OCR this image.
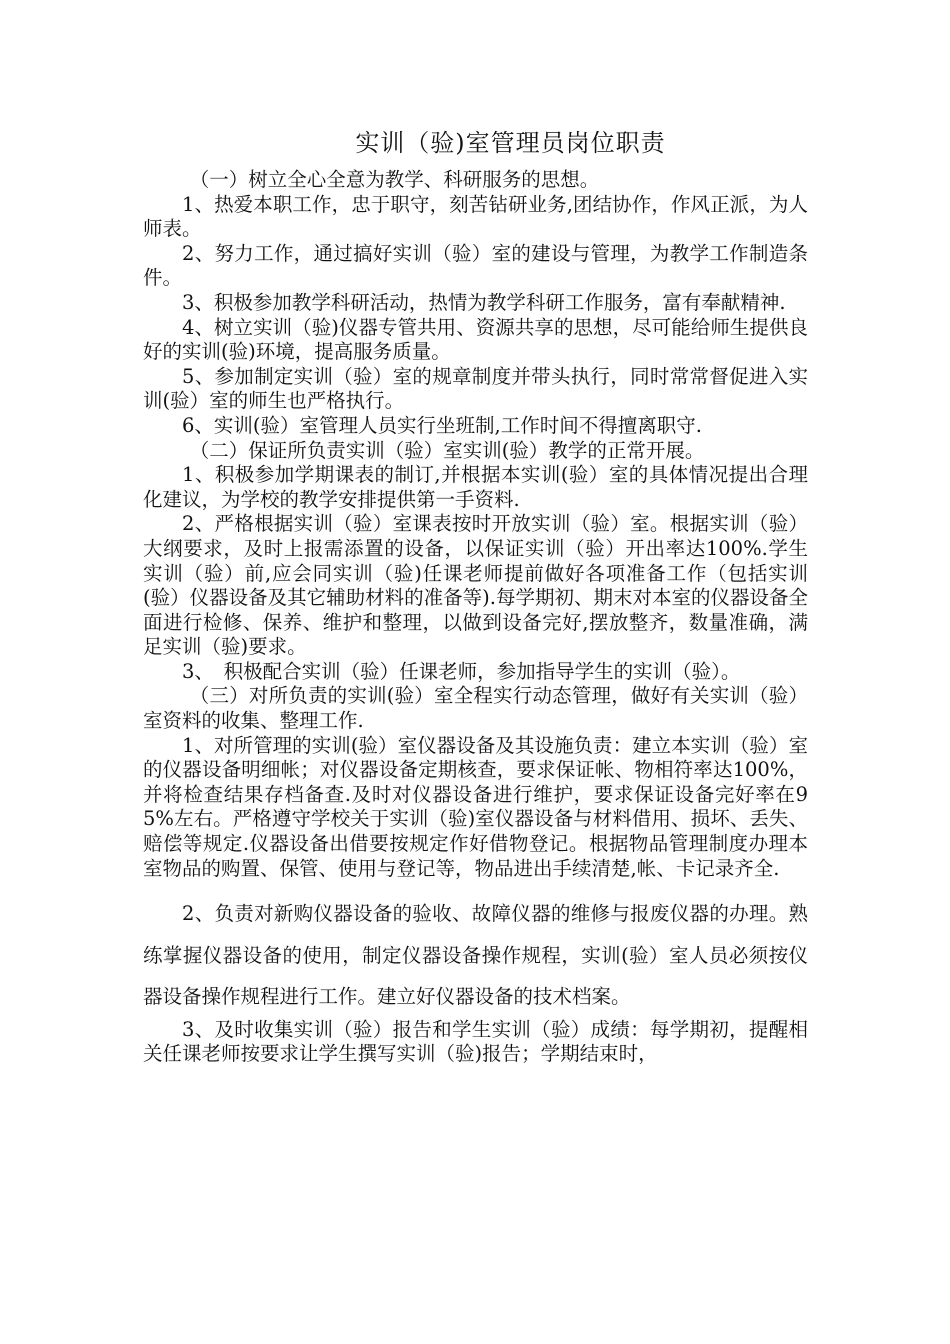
实训（验)室管理员岗位职责

（一）树立全心全意为教学、科研服务的思想。

1、热爱本职工作，忠于职守，刻苦钻研业务,团结协作，作风正派，为人师表。

2、努力工作，通过搞好实训（验）室的建设与管理，为教学工作制造条件。

3、积极参加教学科研活动，热情为教学科研工作服务，富有奉献精神.

4、树立实训（验)仪器专管共用、资源共享的思想，尽可能给师生提供良好的实训(验)环境，提高服务质量。

5、参加制定实训（验）室的规章制度并带头执行，同时常常督促进入实训(验）室的师生也严格执行。

6、实训(验）室管理人员实行坐班制,工作时间不得擅离职守.

（二）保证所负责实训（验）室实训(验）教学的正常开展。

1、积极参加学期课表的制订,并根据本实训(验）室的具体情况提出合理化建议，为学校的教学安排提供第一手资料.

2、严格根据实训（验）室课表按时开放实训（验）室。根据实训（验）大纲要求，及时上报需添置的设备，以保证实训（验）开出率达100%.学生实训（验）前,应会同实训（验)任课老师提前做好各项准备工作（包括实训(验）仪器设备及其它辅助材料的准备等).每学期初、期末对本室的仪器设备全面进行检修、保养、维护和整理，以做到设备完好,摆放整齐，数量准确，满足实训（验)要求。

3、　积极配合实训（验）任课老师，参加指导学生的实训（验）。

（三）对所负责的实训(验）室全程实行动态管理，做好有关实训（验）室资料的收集、整理工作.

1、对所管理的实训(验）室仪器设备及其设施负责：建立本实训（验）室的仪器设备明细帐；对仪器设备定期核查，要求保证帐、物相符率达100%，并将检查结果存档备查.及时对仪器设备进行维护，要求保证设备完好率在95%左右。严格遵守学校关于实训（验)室仪器设备与材料借用、损坏、丢失、赔偿等规定.仪器设备出借要按规定作好借物登记。根据物品管理制度办理本室物品的购置、保管、使用与登记等，物品进出手续清楚,帐、卡记录齐全.

2、负责对新购仪器设备的验收、故障仪器的维修与报废仪器的办理。熟练掌握仪器设备的使用，制定仪器设备操作规程，实训(验）室人员必须按仪器设备操作规程进行工作。建立好仪器设备的技术档案。

3、及时收集实训（验）报告和学生实训（验）成绩：每学期初，提醒相关任课老师按要求让学生撰写实训（验)报告；学期结束时，
